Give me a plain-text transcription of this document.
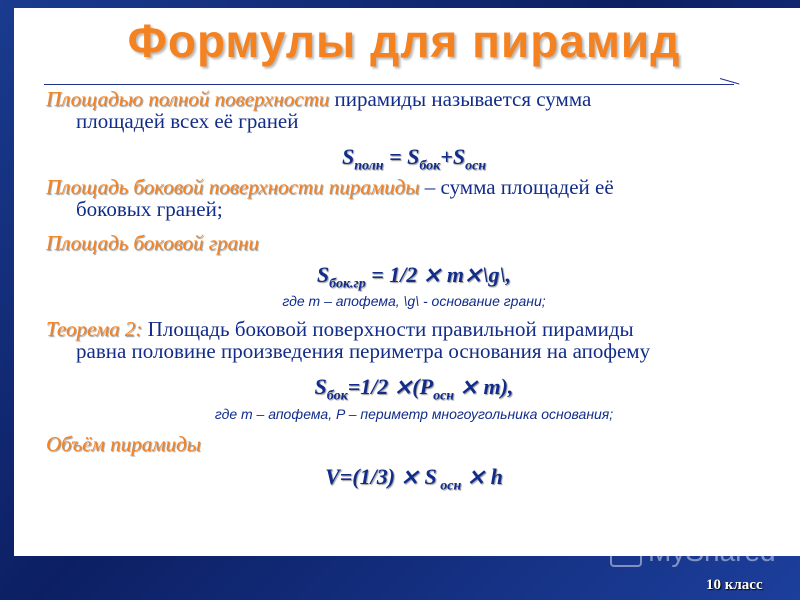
Формулы для пирамид
Площадью полной поверхности пирамиды называется сумма
площадей всех её граней
$S_{полн} = S_{бок}+S_{осн}$
Площадь боковой поверхности пирамиды – сумма площадей её
боковых граней;
Площадь боковой грани
$S_{бок.гр} = 1/2$ ⨯ m⨯\g\,
где m – апофема, \g\ - основание грани;
Теорема 2: Площадь боковой поверхности правильной пирамиды
равна половине произведения периметра основания на апофему
$S_{бок}=1/2$ $⨯(P_{осн}$ ⨯ m),
где m – апофема, P – периметр многоугольника основания;
Объём пирамиды
V=(1/3) ⨯ S $_{осн}$ ⨯ h
MyShared
10 класс
